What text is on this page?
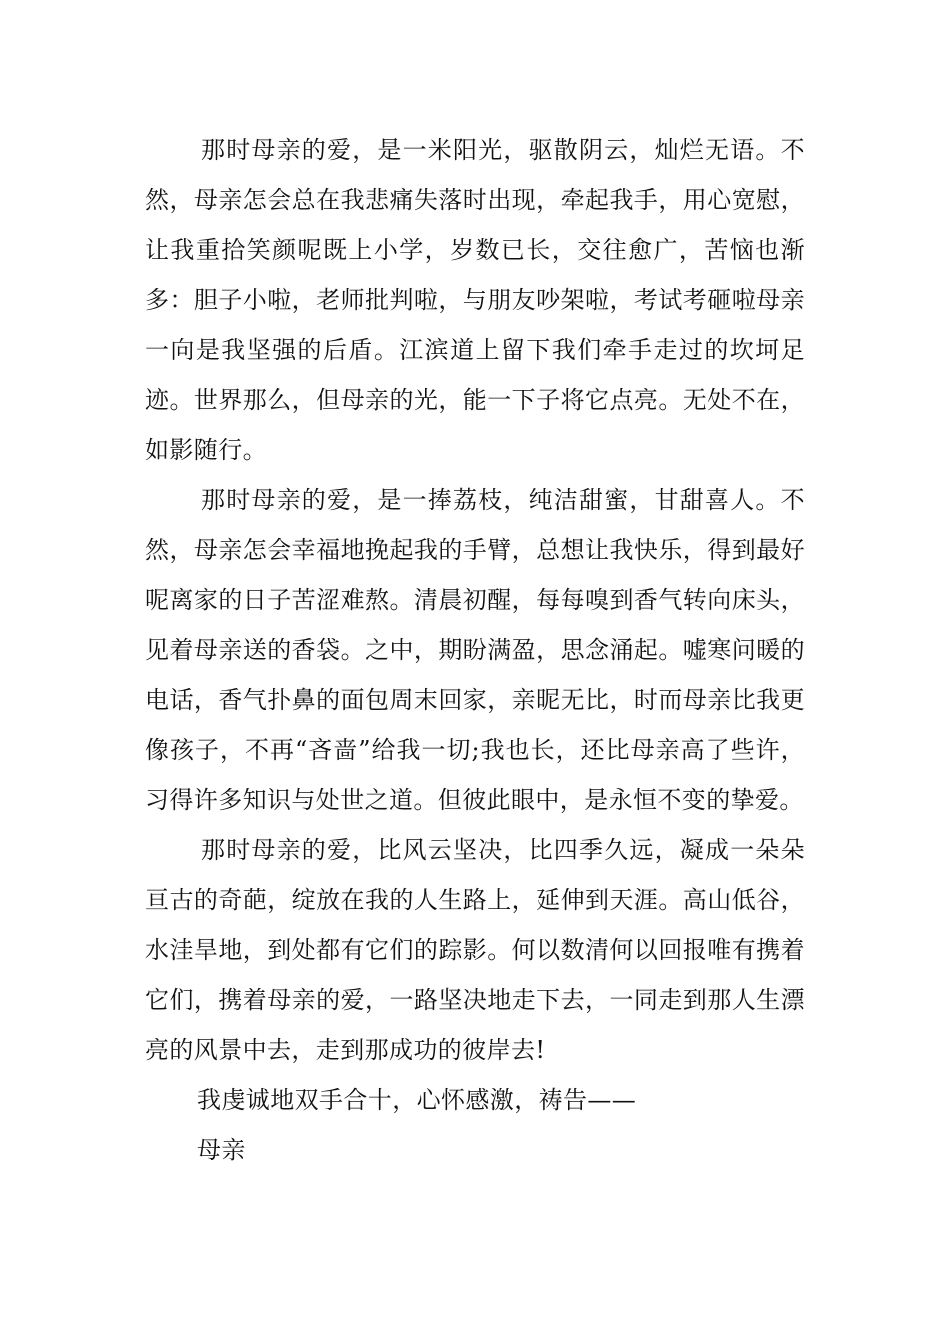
那时母亲的爱，是一米阳光，驱散阴云，灿烂无语。不然，母亲怎会总在我悲痛失落时出现，牵起我手，用心宽慰，让我重拾笑颜呢既上小学，岁数已长，交往愈广，苦恼也渐多：胆子小啦，老师批判啦，与朋友吵架啦，考试考砸啦母亲一向是我坚强的后盾。江滨道上留下我们牵手走过的坎坷足迹。世界那么，但母亲的光，能一下子将它点亮。无处不在，如影随行。

那时母亲的爱，是一捧荔枝，纯洁甜蜜，甘甜喜人。不然，母亲怎会幸福地挽起我的手臂，总想让我快乐，得到最好呢离家的日子苦涩难熬。清晨初醒，每每嗅到香气转向床头，见着母亲送的香袋。之中，期盼满盈，思念涌起。嘘寒问暖的电话，香气扑鼻的面包周末回家，亲昵无比，时而母亲比我更像孩子，不再“吝啬”给我一切;我也长，还比母亲高了些许，习得许多知识与处世之道。但彼此眼中，是永恒不变的挚爱。

那时母亲的爱，比风云坚决，比四季久远，凝成一朵朵亘古的奇葩，绽放在我的人生路上，延伸到天涯。高山低谷，水洼旱地，到处都有它们的踪影。何以数清何以回报唯有携着它们，携着母亲的爱，一路坚决地走下去，一同走到那人生漂亮的风景中去，走到那成功的彼岸去!

我虔诚地双手合十，心怀感激，祷告——

母亲
